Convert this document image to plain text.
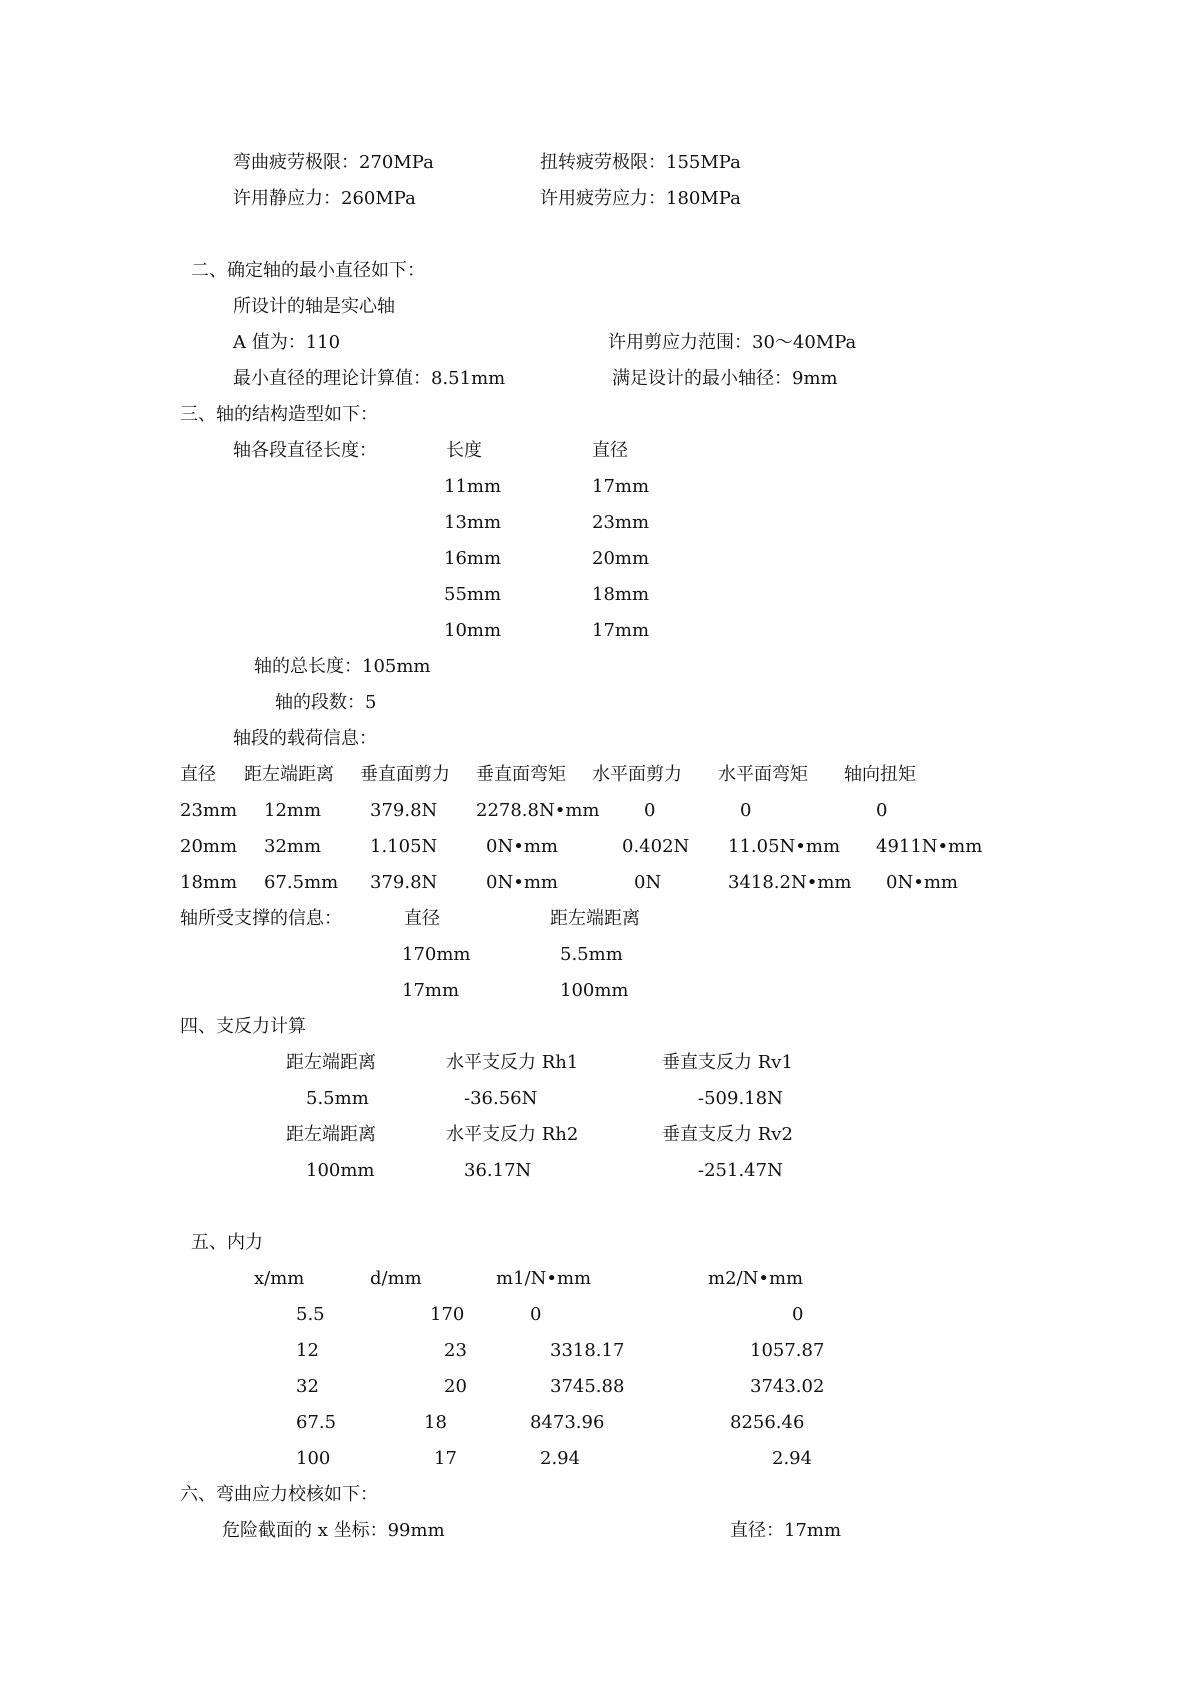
弯曲疲劳极限：270MPa	扭转疲劳极限：155MPa
许用静应力：260MPa	许用疲劳应力：180MPa
二、确定轴的最小直径如下：
所设计的轴是实心轴
A 值为：110	许用剪应力范围：30～40MPa
最小直径的理论计算值：8.51mm	满足设计的最小轴径：9mm
三、轴的结构造型如下：
轴各段直径长度：	长度	直径
11mm	17mm
13mm	23mm
16mm	20mm
55mm	18mm
10mm	17mm
轴的总长度：105mm
轴的段数：5
轴段的载荷信息：
直径 距左端距离 垂直面剪力 垂直面弯矩 水平面剪力 水平面弯矩 轴向扭矩
23mm 12mm	379.8N 2278.8N•mm 0	0	0
20mm 32mm	1.105N	0N•mm	0.402N 11.05N•mm 4911N•mm
18mm 67.5mm 379.8N	0N•mm	0N	3418.2N•mm 0N•mm
轴所受支撑的信息：	直径	距左端距离
170mm	5.5mm
17mm	100mm
四、支反力计算
距左端距离	水平支反力 Rh1	垂直支反力 Rv1
5.5mm	-36.56N	-509.18N
距左端距离	水平支反力 Rh2	垂直支反力 Rv2
100mm	36.17N	-251.47N
五、内力
x/mm	d/mm	m1/N•mm	m2/N•mm
5.5	170	0	0
12	23	3318.17	1057.87
32	20	3745.88	3743.02
67.5	18	8473.96	8256.46
100	17	2.94	2.94
六、弯曲应力校核如下：
危险截面的 x 坐标：99mm	直径：17mm
